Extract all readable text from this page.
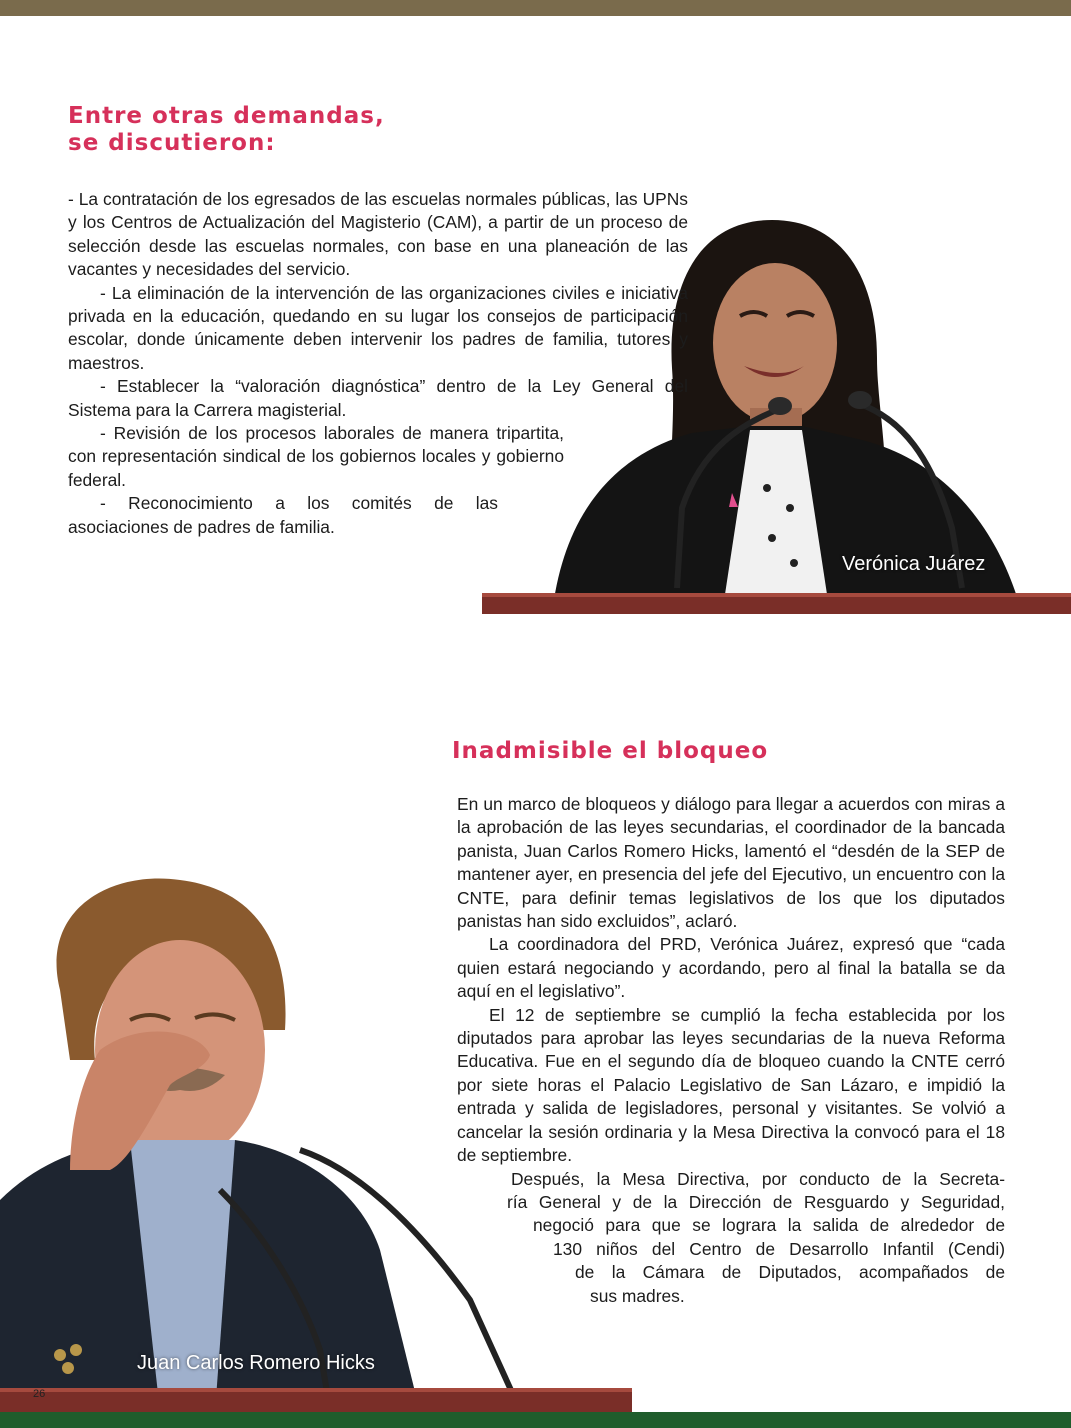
Entre otras demandas,
se discutieron:
Verónica Juárez

- La contratación de los egresados de las escuelas normales públicas, las UPNs y los Centros de Actualización del Magisterio (CAM), a partir de un proceso de selección desde las escuelas normales, con base en una planeación de las vacantes y necesidades del servicio.

- La eliminación de la intervención de las organizaciones civiles e iniciativa privada en la educación, quedando en su lugar los consejos de participación escolar, donde únicamente deben intervenir los padres de familia, tutores y maestros.

- Establecer la “valoración diagnóstica” dentro de la Ley General del Sistema para la Carrera magisterial.

- Revisión de los procesos laborales de manera tripartita, con representación sindical de los gobiernos locales y gobierno federal.

- Reconocimiento a los comités de las asociaciones de padres de familia.

Inadmisible el bloqueo

En un marco de bloqueos y diálogo para llegar a acuerdos con miras a la aprobación de las leyes secundarias, el coordinador de la bancada panista, Juan Carlos Romero Hicks, lamentó el “desdén de la SEP de mantener ayer, en presencia del jefe del Ejecutivo, un encuentro con la CNTE, para definir temas legislativos de los que los diputados panistas han sido excluidos”, aclaró.

La coordinadora del PRD, Verónica Juárez, expresó que “cada quien estará negociando y acordando, pero al final la batalla se da aquí en el legislativo”.

El 12 de septiembre se cumplió la fecha establecida por los diputados para aprobar las leyes secundarias de la nueva Reforma Educativa. Fue en el segundo día de bloqueo cuando la CNTE cerró por siete horas el Palacio Legislativo de San Lázaro, e impidió la entrada y salida de legisladores, personal y visitantes. Se volvió a cancelar la sesión ordinaria y la Mesa Directiva la convocó para el 18 de septiembre.

Después, la Mesa Directiva, por conducto de la Secreta-
ría General y de la Dirección de Resguardo y Seguridad,
negoció para que se lograra la salida de alrededor de
130 niños del Centro de Desarrollo Infantil (Cendi)
de la Cámara de Diputados, acompañados de
sus madres.

Juan Carlos Romero Hicks
26
